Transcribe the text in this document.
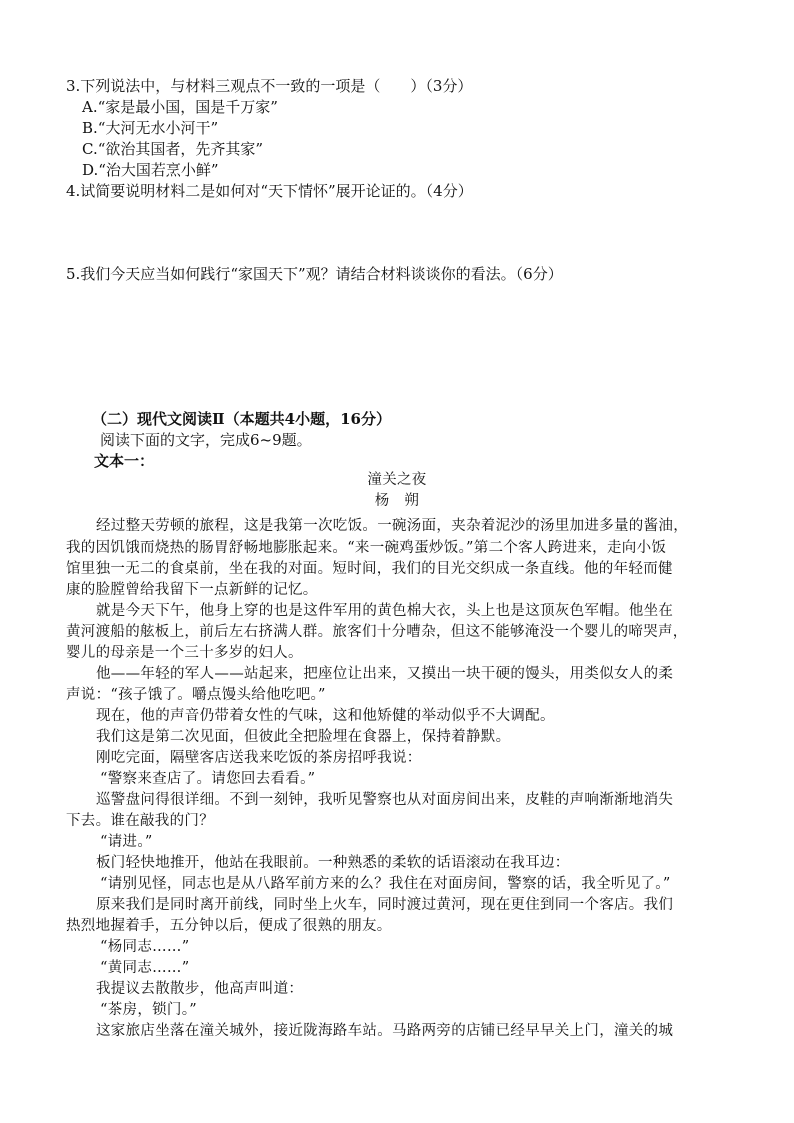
3.下列说法中，与材料三观点不一致的一项是（　　）（3分）
A.“家是最小国，国是千万家”
B.“大河无水小河干”
C.“欲治其国者，先齐其家”
D.“治大国若烹小鲜”
4.试简要说明材料二是如何对“天下情怀”展开论证的。（4分）
5.我们今天应当如何践行“家国天下”观？请结合材料谈谈你的看法。（6分）
（二）现代文阅读Ⅱ（本题共4小题，16分）
阅读下面的文字，完成6~9题。
文本一：
潼关之夜
杨　朔
经过整天劳顿的旅程，这是我第一次吃饭。一碗汤面，夹杂着泥沙的汤里加进多量的酱油，
我的因饥饿而烧热的肠胃舒畅地膨胀起来。“来一碗鸡蛋炒饭。”第二个客人跨进来，走向小饭
馆里独一无二的食桌前，坐在我的对面。短时间，我们的目光交织成一条直线。他的年轻而健
康的脸膛曾给我留下一点新鲜的记忆。
就是今天下午，他身上穿的也是这件军用的黄色棉大衣，头上也是这顶灰色军帽。他坐在
黄河渡船的舷板上，前后左右挤满人群。旅客们十分嘈杂，但这不能够淹没一个婴儿的啼哭声，
婴儿的母亲是一个三十多岁的妇人。
他——年轻的军人——站起来，把座位让出来，又摸出一块干硬的馒头，用类似女人的柔
声说：“孩子饿了。嚼点馒头给他吃吧。”
现在，他的声音仍带着女性的气味，这和他矫健的举动似乎不大调配。
我们这是第二次见面，但彼此全把脸埋在食器上，保持着静默。
刚吃完面，隔壁客店送我来吃饭的茶房招呼我说：
“警察来查店了。请您回去看看。”
巡警盘问得很详细。不到一刻钟，我听见警察也从对面房间出来，皮鞋的声响渐渐地消失
下去。谁在敲我的门？
“请进。”
板门轻快地推开，他站在我眼前。一种熟悉的柔软的话语滚动在我耳边：
“请别见怪，同志也是从八路军前方来的么？我住在对面房间，警察的话，我全听见了。”
原来我们是同时离开前线，同时坐上火车，同时渡过黄河，现在更住到同一个客店。我们
热烈地握着手，五分钟以后，便成了很熟的朋友。
“杨同志……”
“黄同志……”
我提议去散散步，他高声叫道：
“茶房，锁门。”
这家旅店坐落在潼关城外，接近陇海路车站。马路两旁的店铺已经早早关上门，潼关的城
